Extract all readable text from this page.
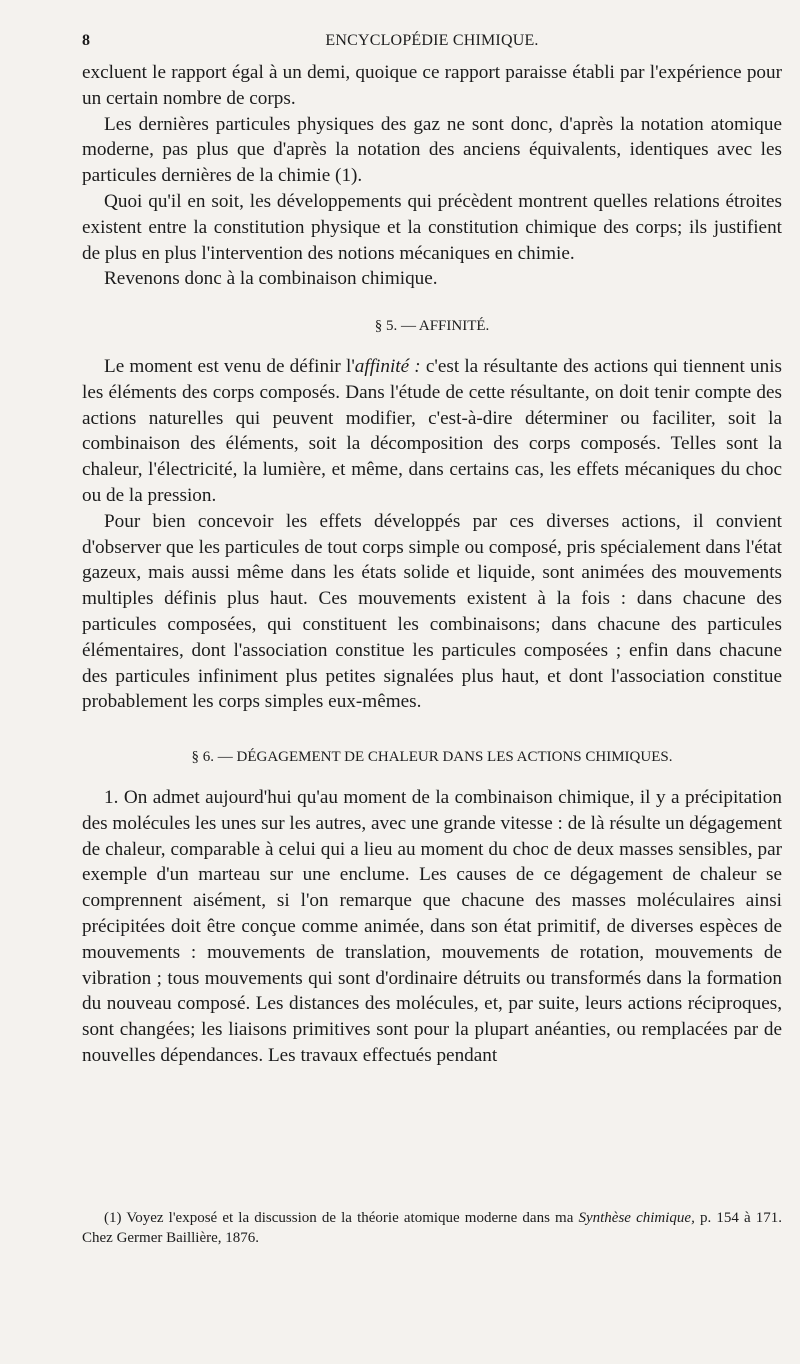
8	ENCYCLOPÉDIE CHIMIQUE.

excluent le rapport égal à un demi, quoique ce rapport paraisse établi par l'expérience pour un certain nombre de corps.

Les dernières particules physiques des gaz ne sont donc, d'après la notation atomique moderne, pas plus que d'après la notation des anciens équivalents, identiques avec les particules dernières de la chimie (1).

Quoi qu'il en soit, les développements qui précèdent montrent quelles relations étroites existent entre la constitution physique et la constitution chimique des corps; ils justifient de plus en plus l'intervention des notions mécaniques en chimie.

Revenons donc à la combinaison chimique.

§ 5. — AFFINITÉ.

Le moment est venu de définir l'affinité : c'est la résultante des actions qui tiennent unis les éléments des corps composés. Dans l'étude de cette résultante, on doit tenir compte des actions naturelles qui peuvent modifier, c'est-à-dire déterminer ou faciliter, soit la combinaison des éléments, soit la décomposition des corps composés. Telles sont la chaleur, l'électricité, la lumière, et même, dans certains cas, les effets mécaniques du choc ou de la pression.

Pour bien concevoir les effets développés par ces diverses actions, il convient d'observer que les particules de tout corps simple ou composé, pris spécialement dans l'état gazeux, mais aussi même dans les états solide et liquide, sont animées des mouvements multiples définis plus haut. Ces mouvements existent à la fois : dans chacune des particules composées, qui constituent les combinaisons; dans chacune des particules élémentaires, dont l'association constitue les particules composées ; enfin dans chacune des particules infiniment plus petites signalées plus haut, et dont l'association constitue probablement les corps simples eux-mêmes.

§ 6. — DÉGAGEMENT DE CHALEUR DANS LES ACTIONS CHIMIQUES.

1. On admet aujourd'hui qu'au moment de la combinaison chimique, il y a précipitation des molécules les unes sur les autres, avec une grande vitesse : de là résulte un dégagement de chaleur, comparable à celui qui a lieu au moment du choc de deux masses sensibles, par exemple d'un marteau sur une enclume. Les causes de ce dégagement de chaleur se comprennent aisément, si l'on remarque que chacune des masses moléculaires ainsi précipitées doit être conçue comme animée, dans son état primitif, de diverses espèces de mouvements : mouvements de translation, mouvements de rotation, mouvements de vibration ; tous mouvements qui sont d'ordinaire détruits ou transformés dans la formation du nouveau composé. Les distances des molécules, et, par suite, leurs actions réciproques, sont changées; les liaisons primitives sont pour la plupart anéanties, ou remplacées par de nouvelles dépendances. Les travaux effectués pendant

(1) Voyez l'exposé et la discussion de la théorie atomique moderne dans ma Synthèse chimique, p. 154 à 171. Chez Germer Baillière, 1876.
